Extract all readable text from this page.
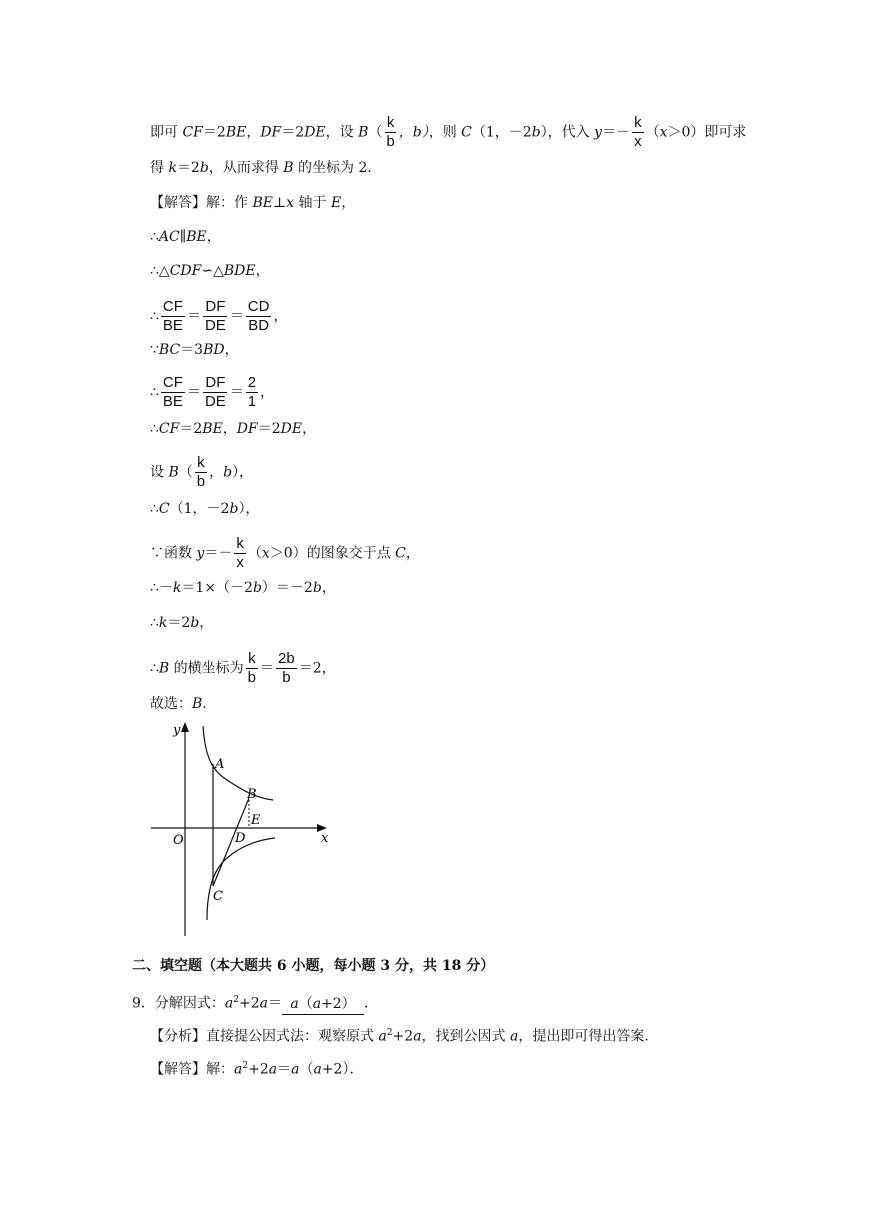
即可 CF＝2BE，DF＝2DE，设 $B( \frac{k}{b}$ ，b），则 C（1，－2b），代入 $y=- \frac{k}{x} (x>0)$即可求
得 k＝2b，从而求得 B 的坐标为 2．
【解答】解：作 BE⊥x 轴于 E，
∴AC∥BE，
∴△CDF∽△BDE，
∴ $\frac{CF}{BE} = \frac{DF}{DE} = \frac{CD}{BD}$ ，
∵BC＝3BD，
∴ $\frac{CF}{BE} = \frac{DF}{DE} = \frac{2}{1}$ ，
∴CF＝2BE，DF＝2DE，
设 $B( \frac{k}{b}$ ，b），
∴C（1，－2b），
∵函数 $y=- \frac{k}{x} (x>0)$的图象交于点 C，
∴－k＝1×（－2b）＝－2b，
∴k＝2b，
∴B 的横坐标为 $\frac{k}{b} = \frac{2b}{b} =2$，
故选：B．
y
x
O
A
B
E
D
C
二、填空题（本大题共 6 小题，每小题 3 分，共 18 分）
9．分解因式：$a^2+2a= a(a+2)$ ．
【分析】直接提公因式法：观察原式 $a^2+2a$，找到公因式 a，提出即可得出答案．
【解答】解：$a^2+2a=a(a+2)$．
